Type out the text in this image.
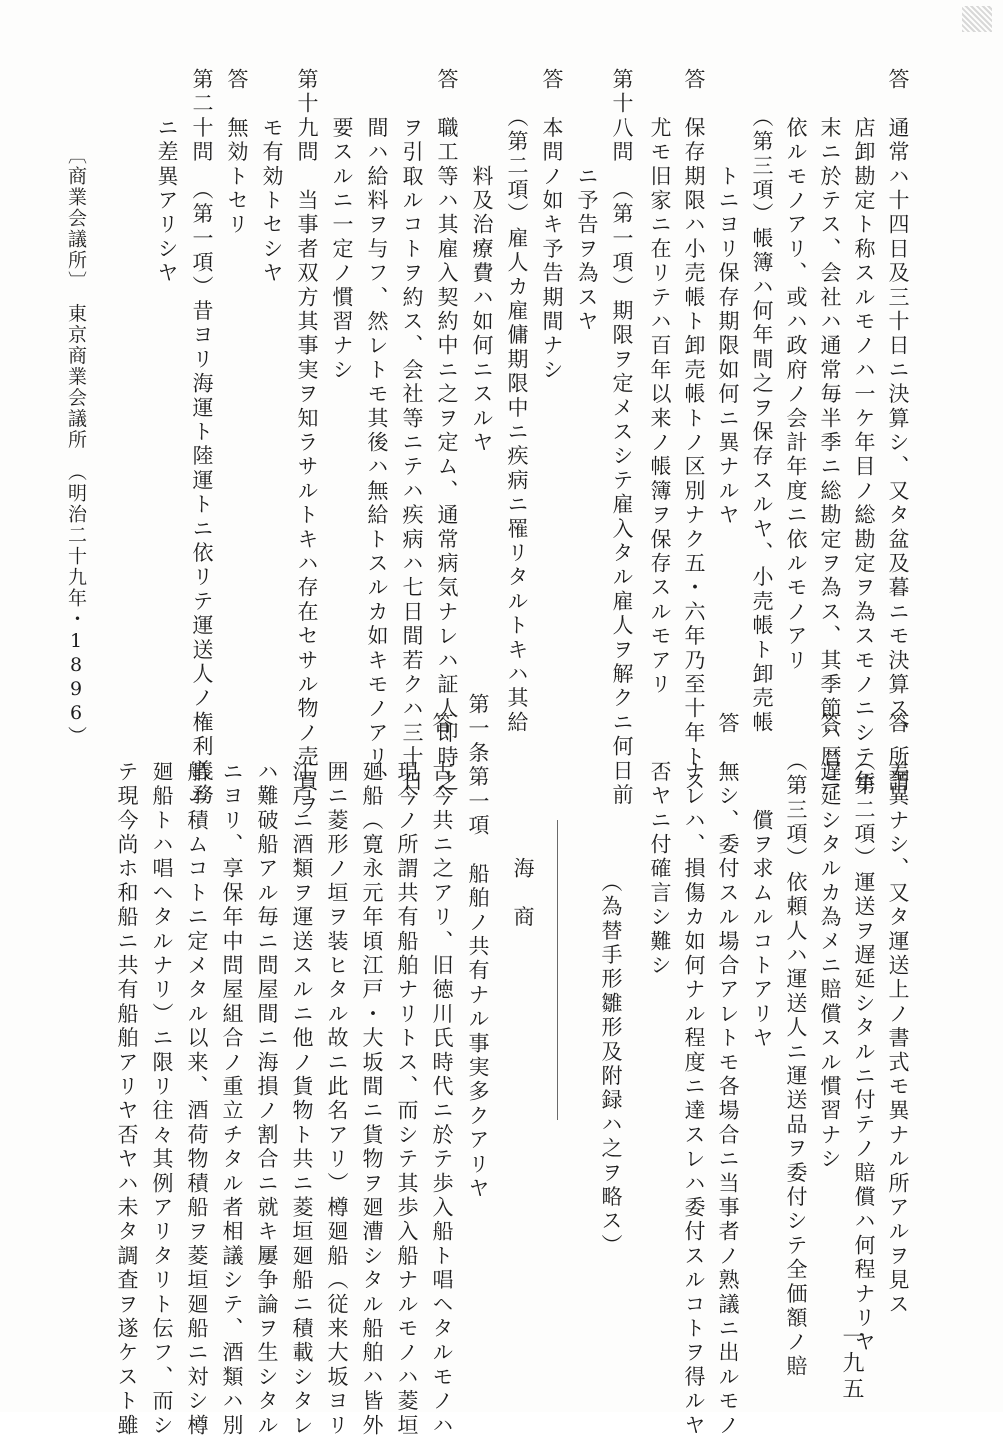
答　通常ハ十四日及三十日ニ決算シ、又タ盆及暮ニモ決算ス、所謂
　　店卸勘定ト称スルモノハ一ケ年目ノ総勘定ヲ為スモノニシテ年
　　末ニ於テス、会社ハ通常毎半季ニ総勘定ヲ為ス、其季節ハ暦ニ
　　依ルモノアリ、或ハ政府ノ会計年度ニ依ルモノアリ
　　（第三項）帳簿ハ何年間之ヲ保存スルヤ、小売帳ト卸売帳
　　　　トニヨリ保存期限如何ニ異ナルヤ
答　保存期限ハ小売帳ト卸売帳トノ区別ナク五・六年乃至十年トス
　　尤モ旧家ニ在リテハ百年以来ノ帳簿ヲ保存スルモアリ
第十八問　（第一項）期限ヲ定メスシテ雇入タル雇人ヲ解クニ何日前
　　　　ニ予告ヲ為スヤ
答　本問ノ如キ予告期間ナシ
　　（第二項）雇人カ雇傭期限中ニ疾病ニ罹リタルトキハ其給
　　　　料及治療費ハ如何ニスルヤ
答　職工等ハ其雇入契約中ニ之ヲ定ム、通常病気ナレハ証人即時之
　　ヲ引取ルコトヲ約ス、会社等ニテハ疾病ハ七日間若クハ三十日
　　間ハ給料ヲ与フ、然レトモ其後ハ無給トスルカ如キモノアリ、
　　要スルニ一定ノ慣習ナシ
第十九問　当事者双方其事実ヲ知ラサルトキハ存在セサル物ノ売買ヲ
　　モ有効トセシヤ
答　無効トセリ
第二十問　（第一項）昔ヨリ海運ト陸運トニ依リテ運送人ノ権利義務
　　ニ差異アリシヤ
〔商業会議所〕　東京商業会議所　（明治二十九年・1896）
答　差異ナシ、又タ運送上ノ書式モ異ナル所アルヲ見ス
　　（第二項）運送ヲ遅延シタルニ付テノ賠償ハ何程ナリヤ
答　遅延シタルカ為メニ賠償スル慣習ナシ
　　（第三項）依頼人ハ運送人ニ運送品ヲ委付シテ全価額ノ賠
　　　　償ヲ求ムルコトアリヤ
答　無シ、委付スル場合アレトモ各場合ニ当事者ノ熟議ニ出ルモノ
　　ナレハ、損傷カ如何ナル程度ニ達スレハ委付スルコトヲ得ルヤ
　　否ヤニ付確言シ難シ
　　　　　　　（為替手形雛形及附録ハ之ヲ略ス）
　　　　　　海　商
第一条第一項　船舶ノ共有ナル事実多クアリヤ
答　古今共ニ之アリ、旧徳川氏時代ニ於テ歩入船ト唱ヘタルモノハ
　　現今ノ所謂共有船舶ナリトス、而シテ其歩入船ナルモノハ菱垣
　　廻船（寛永元年頃江戸・大坂間ニ貨物ヲ廻漕シタル船舶ハ皆外
　　囲ニ菱形ノ垣ヲ装ヒタル故ニ此名アリ）樽廻船（従来大坂ヨリ
　　江戸ニ酒類ヲ運送スルニ他ノ貨物ト共ニ菱垣廻船ニ積載シタレ
　　ハ難破船アル毎ニ問屋間ニ海損ノ割合ニ就キ屢争論ヲ生シタル
　　ニヨリ、享保年中問屋組合ノ重立チタル者相議シテ、酒類ハ別
　　船ニ積ムコトニ定メタル以来、酒荷物積船ヲ菱垣廻船ニ対シ樽
　　廻船トハ唱ヘタルナリ）ニ限リ往々其例アリタリト伝フ、而シ
　　テ現今尚ホ和船ニ共有船舶アリヤ否ヤハ未タ調査ヲ遂ケスト雖	一九五
